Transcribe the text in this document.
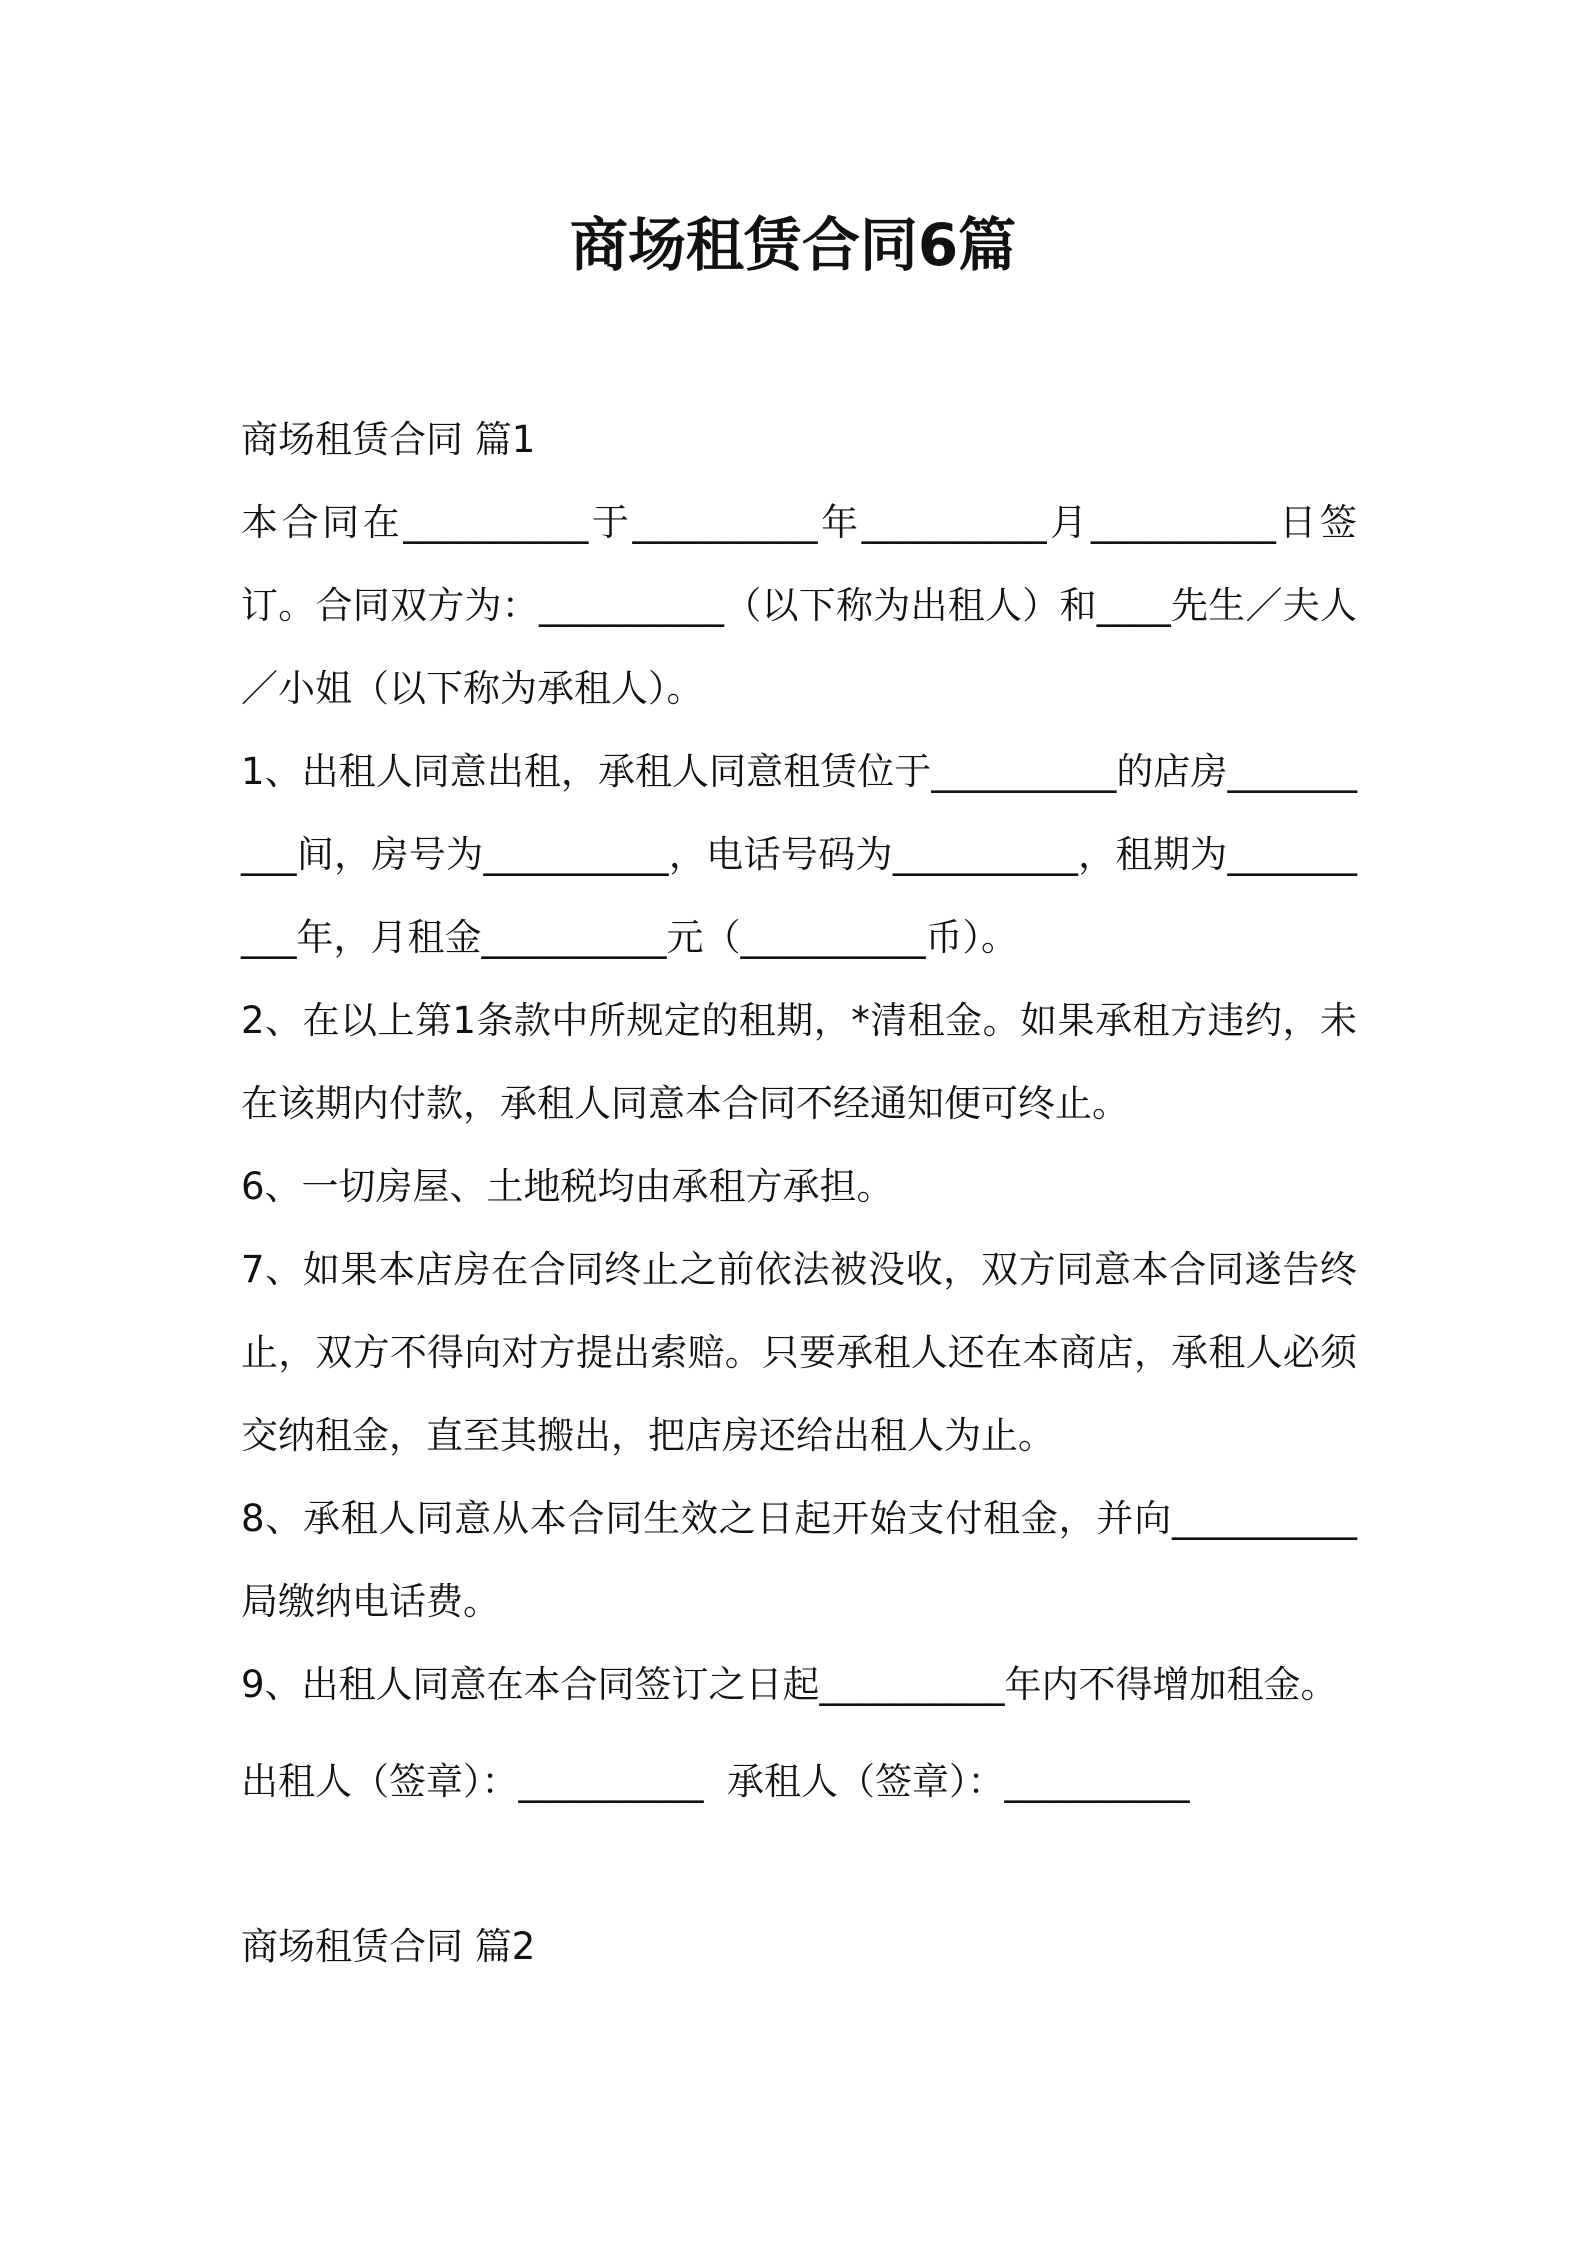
商场租赁合同6篇
商场租赁合同 篇1

本合同在__________于__________年__________月__________日签订。合同双方为：__________（以下称为出租人）和____先生／夫人／小姐（以下称为承租人）。

1、出租人同意出租，承租人同意租赁位于__________的店房__________间，房号为__________，电话号码为__________，租期为__________年，月租金__________元（__________币）。

2、在以上第1条款中所规定的租期，*清租金。如果承租方违约，未在该期内付款，承租人同意本合同不经通知便可终止。

6、一切房屋、土地税均由承租方承担。

7、如果本店房在合同终止之前依法被没收，双方同意本合同遂告终止，双方不得向对方提出索赔。只要承租人还在本商店，承租人必须交纳租金，直至其搬出，把店房还给出租人为止。

8、承租人同意从本合同生效之日起开始支付租金，并向__________局缴纳电话费。

9、出租人同意在本合同签订之日起__________年内不得增加租金。

出租人（签章）：__________  承租人（签章）：__________

商场租赁合同 篇2
